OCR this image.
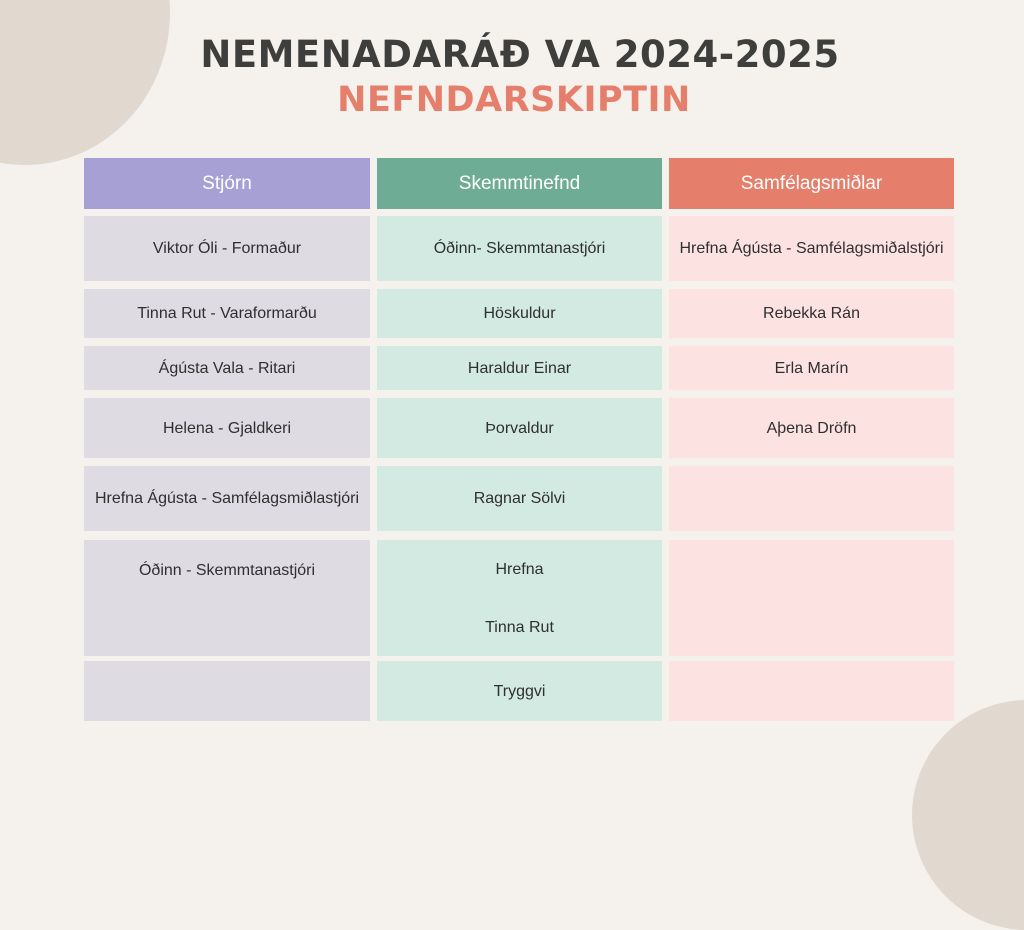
NEMENADARÁÐ VA 2024-2025
NEFNDARSKIPTIN
Stjórn	Skemmtinefnd	Samfélagsmiðlar
Viktor Óli - Formaður
Tinna Rut - Varaformarðu
Ágústa Vala - Ritari
Helena - Gjaldkeri
Hrefna Ágústa - Samfélagsmiðlastjóri
Óðinn - Skemmtanastjóri
Óðinn- Skemmtanastjóri
Höskuldur
Haraldur Einar
Þorvaldur
Ragnar Sölvi
Hrefna
Tinna Rut
Tryggvi
Hrefna Ágústa - Samfélagsmiðalstjóri
Rebekka Rán
Erla Marín
Aþena Dröfn
